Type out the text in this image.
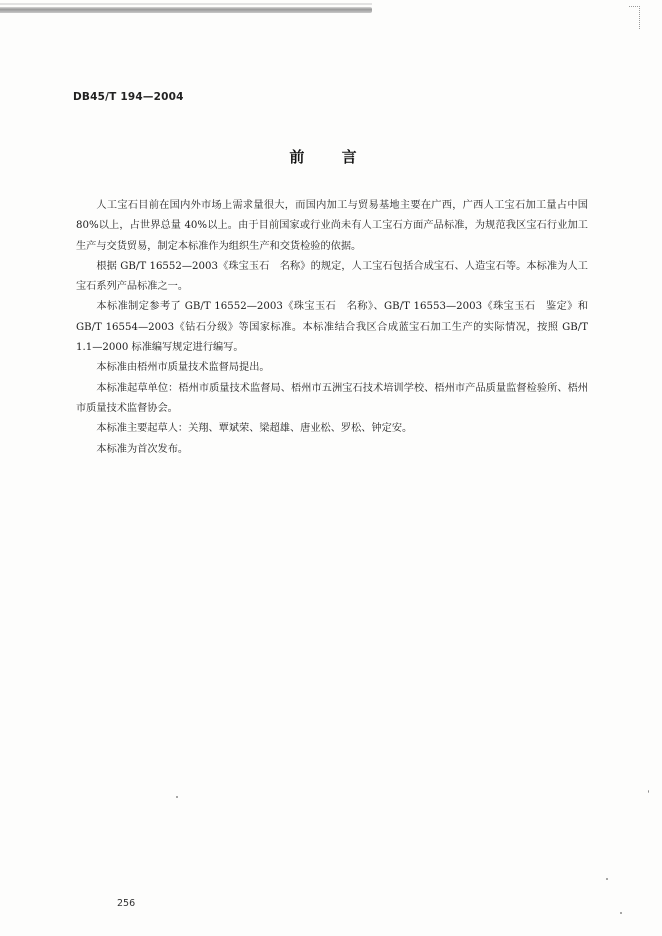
DB45/T 194—2004
前 言

人工宝石目前在国内外市场上需求量很大，而国内加工与贸易基地主要在广西，广西人工宝石加工量占中国 80%以上，占世界总量 40%以上。由于目前国家或行业尚未有人工宝石方面产品标准，为规范我区宝石行业加工生产与交货贸易，制定本标准作为组织生产和交货检验的依据。

根据 GB/T 16552—2003《珠宝玉石　名称》的规定，人工宝石包括合成宝石、人造宝石等。本标准为人工宝石系列产品标准之一。

本标准制定参考了 GB/T 16552—2003《珠宝玉石　名称》、GB/T 16553—2003《珠宝玉石　鉴定》和 GB/T 16554—2003《钻石分级》等国家标准。本标准结合我区合成蓝宝石加工生产的实际情况，按照 GB/T 1.1—2000 标准编写规定进行编写。

本标准由梧州市质量技术监督局提出。

本标准起草单位：梧州市质量技术监督局、梧州市五洲宝石技术培训学校、梧州市产品质量监督检验所、梧州市质量技术监督协会。

本标准主要起草人：关翔、覃斌荣、梁超雄、唐业松、罗松、钟定安。

本标准为首次发布。

256
